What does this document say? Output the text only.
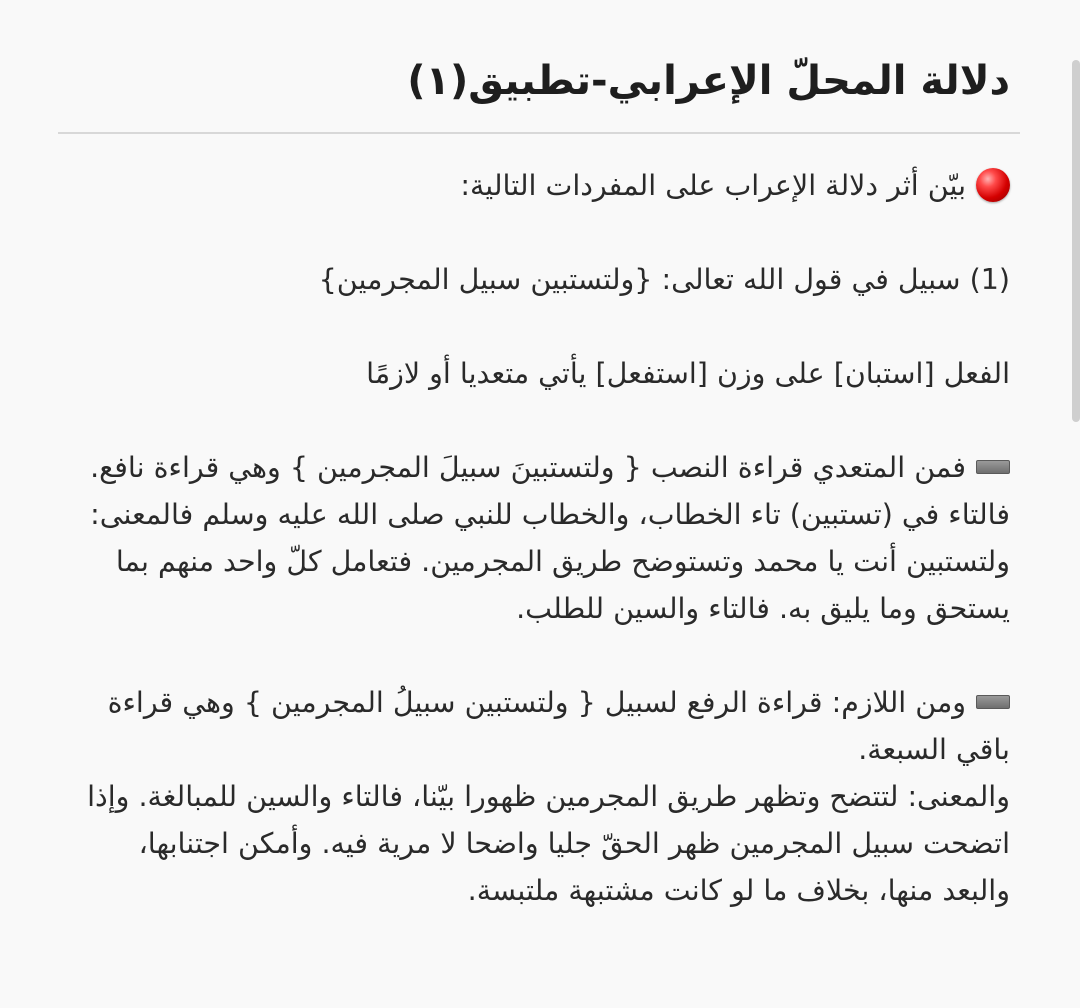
دلالة المحلّ الإعرابي-تطبيق(١)

بيّن أثر دلالة الإعراب على المفردات التالية:

(1) سبيل في قول الله تعالى: {ولتستبين سبيل المجرمين}

الفعل [استبان] على وزن [استفعل] يأتي متعديا أو لازمًا

فمن المتعدي قراءة النصب { ولتستبينَ سبيلَ المجرمين } وهي قراءة نافع. فالتاء في (تستبين) تاء الخطاب، والخطاب للنبي صلى الله عليه وسلم فالمعنى:

ولتستبين أنت يا محمد وتستوضح طريق المجرمين. فتعامل كلّ واحد منهم بما يستحق وما يليق به. فالتاء والسين للطلب.

ومن اللازم: قراءة الرفع لسبيل { ولتستبين سبيلُ المجرمين } وهي قراءة باقي السبعة.

والمعنى: لتتضح وتظهر طريق المجرمين ظهورا بيّنا، فالتاء والسين للمبالغة. وإذا اتضحت سبيل المجرمين ظهر الحقّ جليا واضحا لا مرية فيه. وأمكن اجتنابها، والبعد منها، بخلاف ما لو كانت مشتبهة ملتبسة.
